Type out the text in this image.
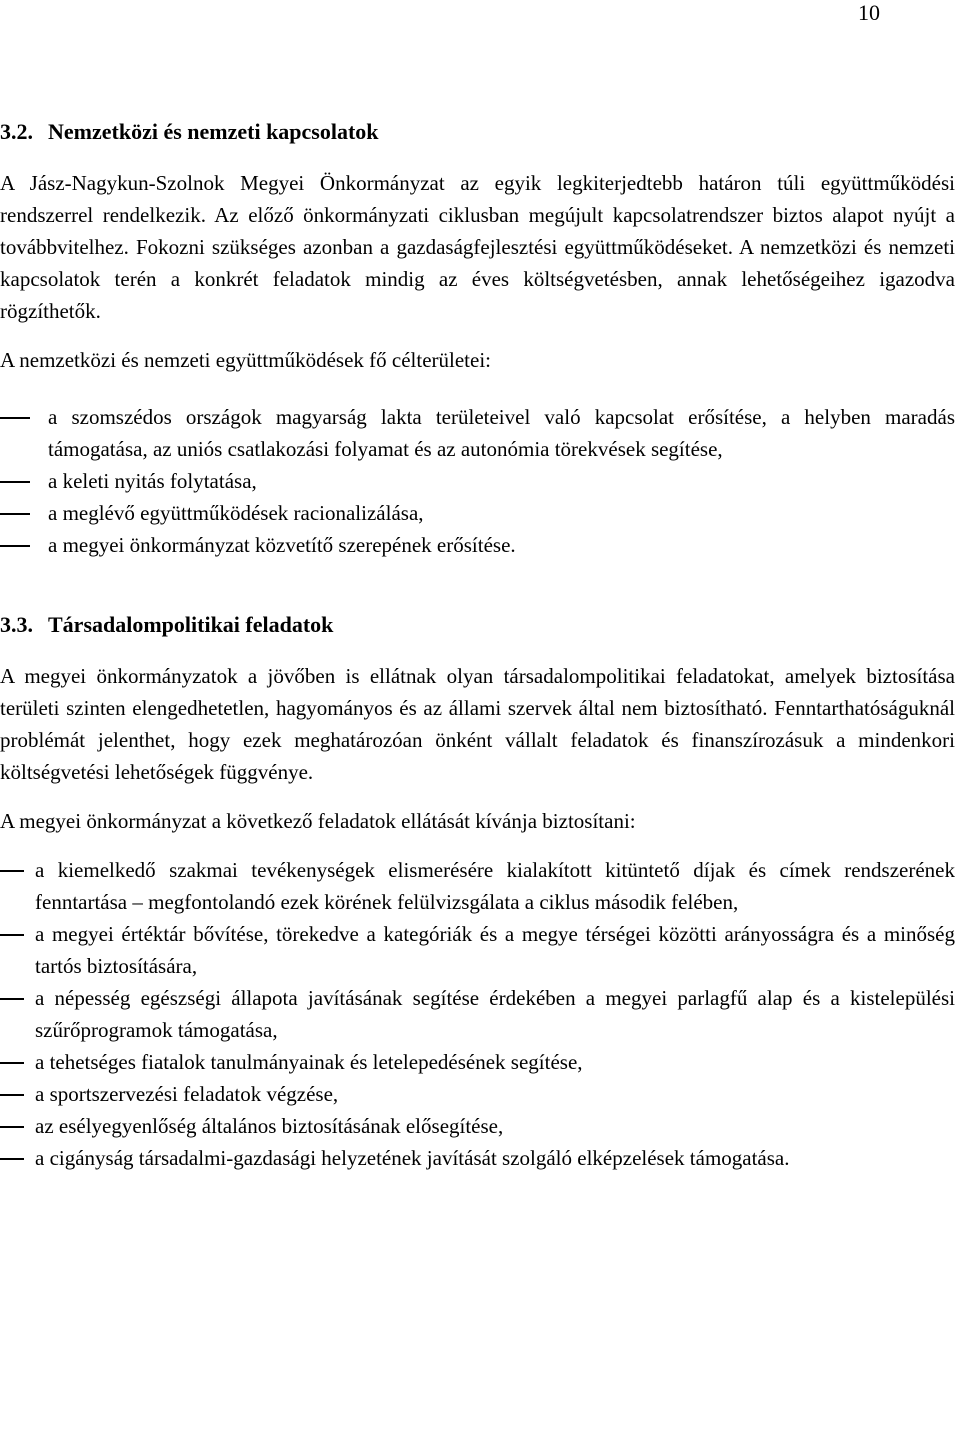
10
3.2. Nemzetközi és nemzeti kapcsolatok

A Jász-Nagykun-Szolnok Megyei Önkormányzat az egyik legkiterjedtebb határon túli együttműködési rendszerrel rendelkezik. Az előző önkormányzati ciklusban megújult kapcsolatrendszer biztos alapot nyújt a továbbvitelhez. Fokozni szükséges azonban a gazdaságfejlesztési együttműködéseket. A nemzetközi és nemzeti kapcsolatok terén a konkrét feladatok mindig az éves költségvetésben, annak lehetőségeihez igazodva rögzíthetők.

A nemzetközi és nemzeti együttműködések fő célterületei:

a szomszédos országok magyarság lakta területeivel való kapcsolat erősítése, a helyben maradás támogatása, az uniós csatlakozási folyamat és az autonómia törekvések segítése,
a keleti nyitás folytatása,
a meglévő együttműködések racionalizálása,
a megyei önkormányzat közvetítő szerepének erősítése.
3.3. Társadalompolitikai feladatok

A megyei önkormányzatok a jövőben is ellátnak olyan társadalompolitikai feladatokat, amelyek biztosítása területi szinten elengedhetetlen, hagyományos és az állami szervek által nem biztosítható. Fenntarthatóságuknál problémát jelenthet, hogy ezek meghatározóan önként vállalt feladatok és finanszírozásuk a mindenkori költségvetési lehetőségek függvénye.

A megyei önkormányzat a következő feladatok ellátását kívánja biztosítani:

a kiemelkedő szakmai tevékenységek elismerésére kialakított kitüntető díjak és címek rendszerének fenntartása – megfontolandó ezek körének felülvizsgálata a ciklus második felében,
a megyei értéktár bővítése, törekedve a kategóriák és a megye térségei közötti arányosságra és a minőség tartós biztosítására,
a népesség egészségi állapota javításának segítése érdekében a megyei parlagfű alap és a kistelepülési szűrőprogramok támogatása,
a tehetséges fiatalok tanulmányainak és letelepedésének segítése,
a sportszervezési feladatok végzése,
az esélyegyenlőség általános biztosításának elősegítése,
a cigányság társadalmi-gazdasági helyzetének javítását szolgáló elképzelések támogatása.
